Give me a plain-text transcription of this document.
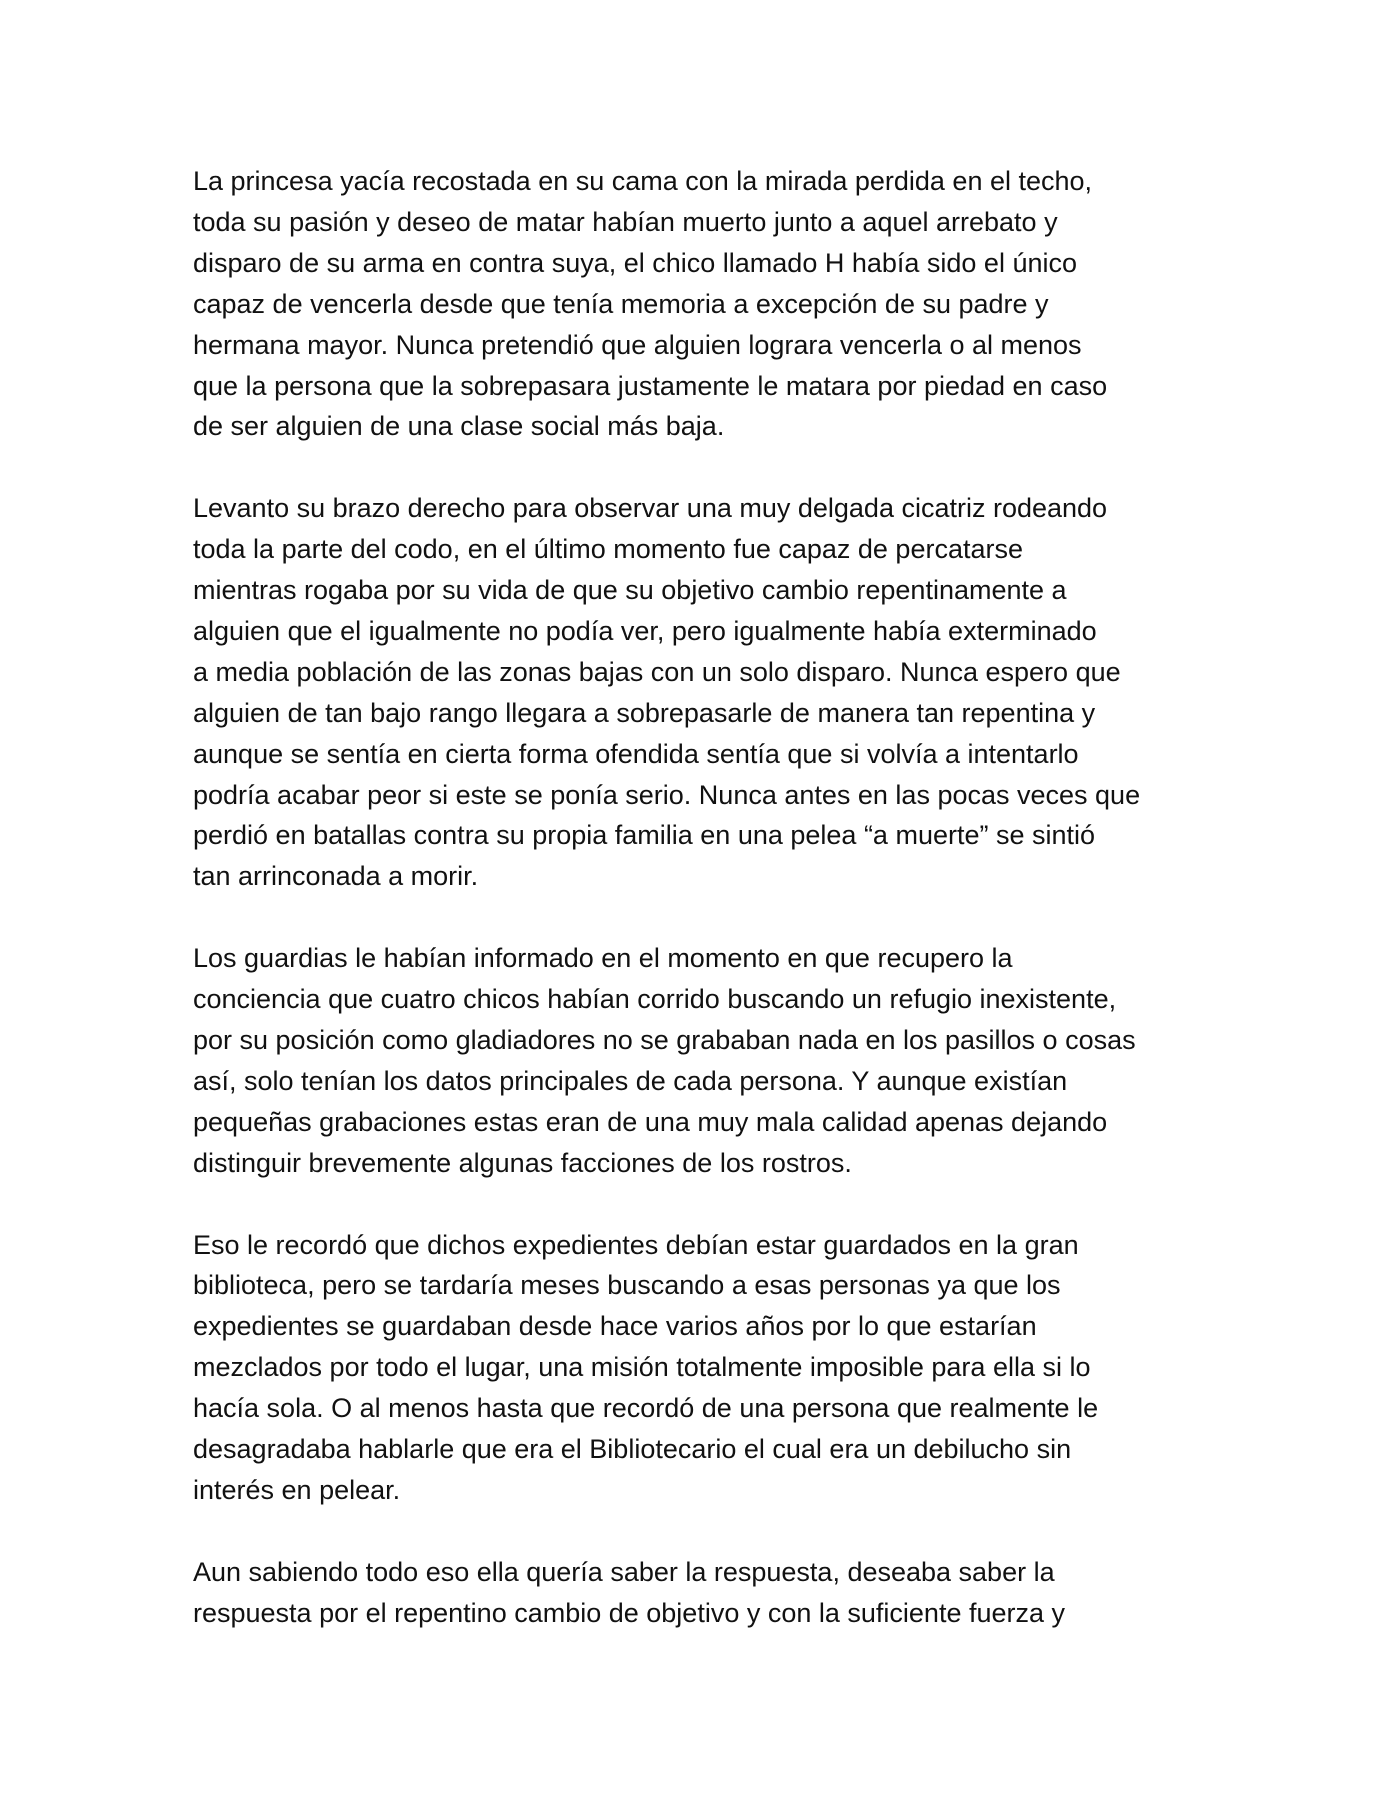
La princesa yacía recostada en su cama con la mirada perdida en el techo,
toda su pasión y deseo de matar habían muerto junto a aquel arrebato y
disparo de su arma en contra suya, el chico llamado H había sido el único
capaz de vencerla desde que tenía memoria a excepción de su padre y
hermana mayor. Nunca pretendió que alguien lograra vencerla o al menos
que la persona que la sobrepasara justamente le matara por piedad en caso
de ser alguien de una clase social más baja.

Levanto su brazo derecho para observar una muy delgada cicatriz rodeando
toda la parte del codo, en el último momento fue capaz de percatarse
mientras rogaba por su vida de que su objetivo cambio repentinamente a
alguien que el igualmente no podía ver, pero igualmente había exterminado
a media población de las zonas bajas con un solo disparo. Nunca espero que
alguien de tan bajo rango llegara a sobrepasarle de manera tan repentina y
aunque se sentía en cierta forma ofendida sentía que si volvía a intentarlo
podría acabar peor si este se ponía serio. Nunca antes en las pocas veces que
perdió en batallas contra su propia familia en una pelea “a muerte” se sintió
tan arrinconada a morir.

Los guardias le habían informado en el momento en que recupero la
conciencia que cuatro chicos habían corrido buscando un refugio inexistente,
por su posición como gladiadores no se grababan nada en los pasillos o cosas
así, solo tenían los datos principales de cada persona. Y aunque existían
pequeñas grabaciones estas eran de una muy mala calidad apenas dejando
distinguir brevemente algunas facciones de los rostros.

Eso le recordó que dichos expedientes debían estar guardados en la gran
biblioteca, pero se tardaría meses buscando a esas personas ya que los
expedientes se guardaban desde hace varios años por lo que estarían
mezclados por todo el lugar, una misión totalmente imposible para ella si lo
hacía sola. O al menos hasta que recordó de una persona que realmente le
desagradaba hablarle que era el Bibliotecario el cual era un debilucho sin
interés en pelear.

Aun sabiendo todo eso ella quería saber la respuesta, deseaba saber la
respuesta por el repentino cambio de objetivo y con la suficiente fuerza y
